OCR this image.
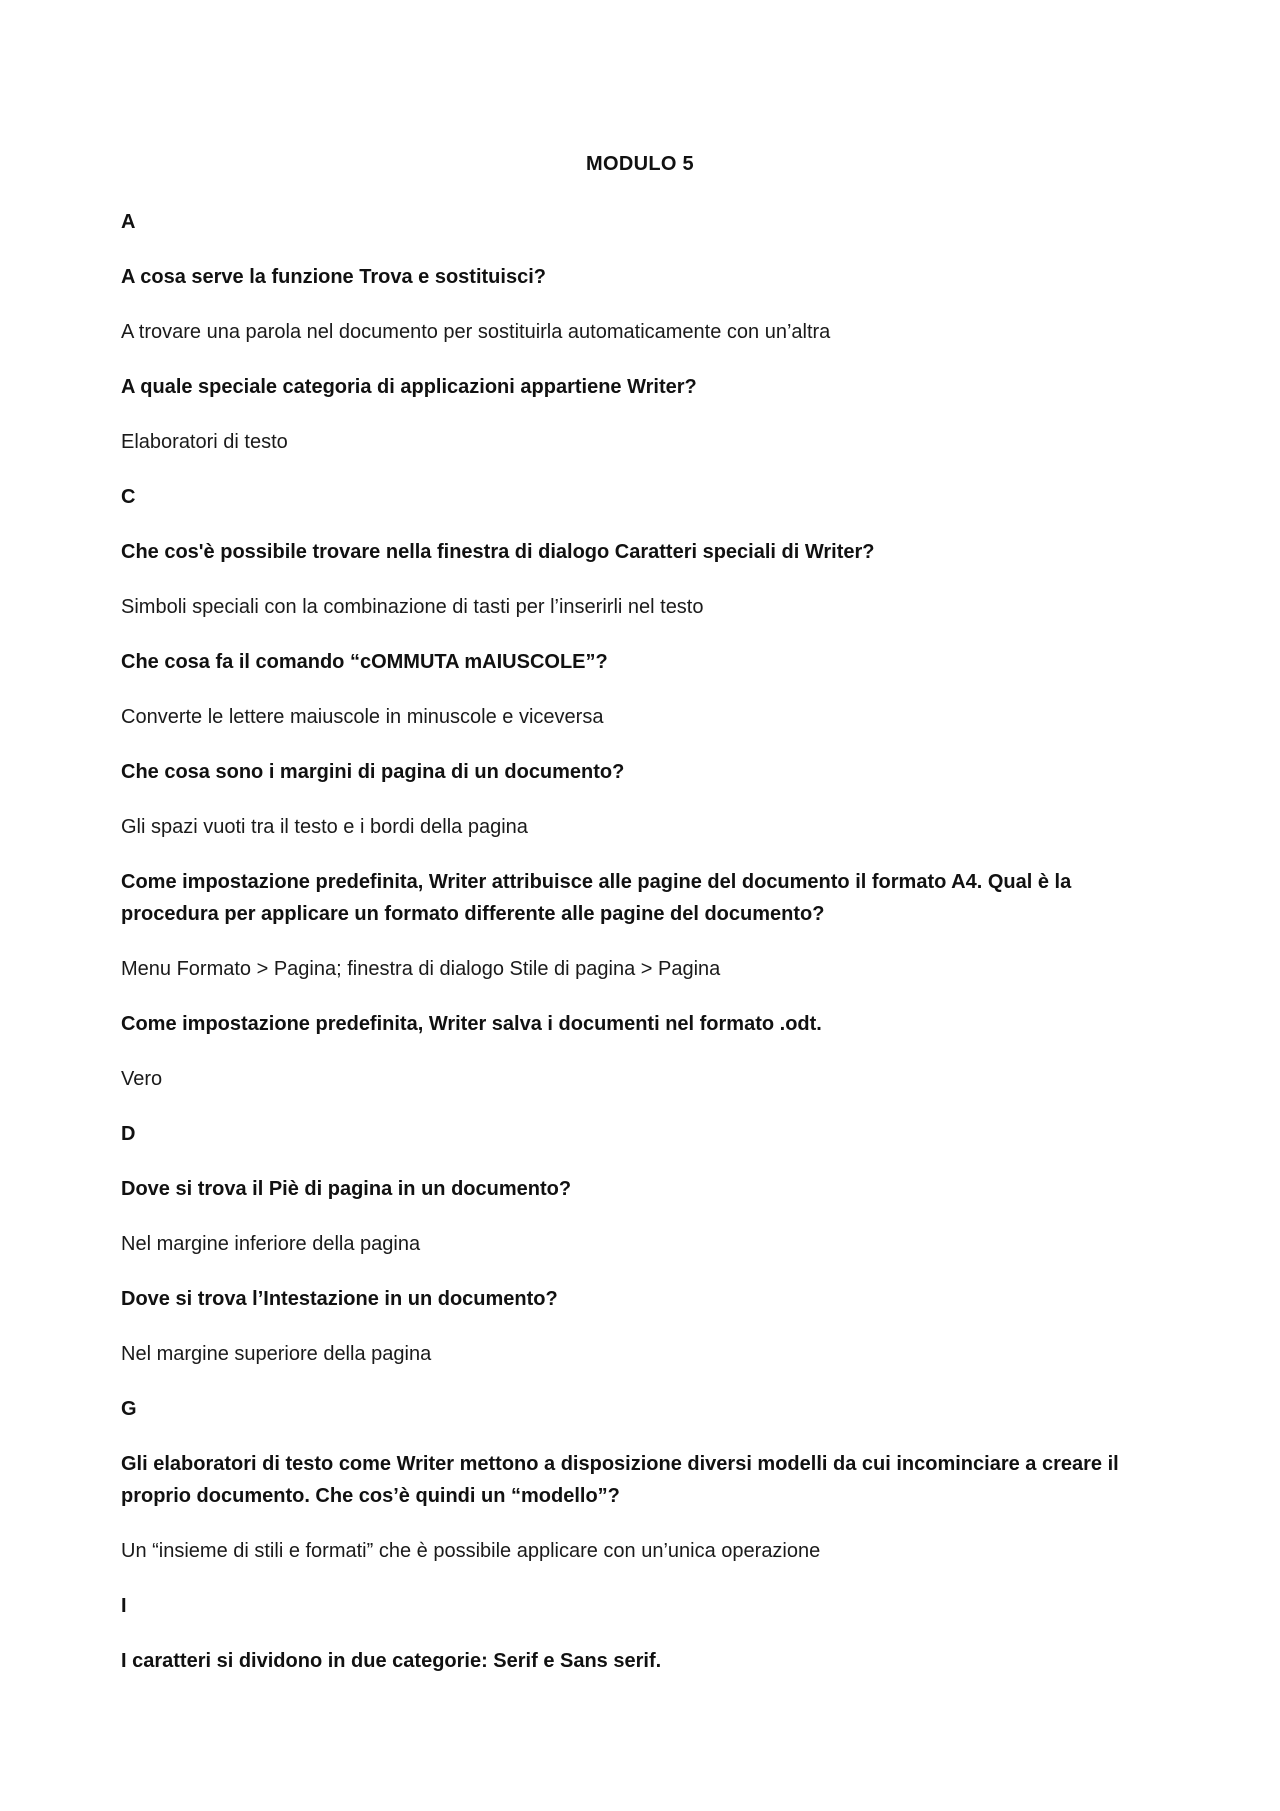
MODULO 5
A
A cosa serve la funzione Trova e sostituisci?
A trovare una parola nel documento per sostituirla automaticamente con un’altra
A quale speciale categoria di applicazioni appartiene Writer?
Elaboratori di testo
C
Che cos'è possibile trovare nella finestra di dialogo Caratteri speciali di Writer?
Simboli speciali con la combinazione di tasti per l’inserirli nel testo
Che cosa fa il comando “cOMMUTA mAIUSCOLE”?
Converte le lettere maiuscole in minuscole e viceversa
Che cosa sono i margini di pagina di un documento?
Gli spazi vuoti tra il testo e i bordi della pagina
Come impostazione predefinita, Writer attribuisce alle pagine del documento il formato A4. Qual è la procedura per applicare un formato differente alle pagine del documento?
Menu Formato > Pagina; finestra di dialogo Stile di pagina > Pagina
Come impostazione predefinita, Writer salva i documenti nel formato .odt.
Vero
D
Dove si trova il Piè di pagina in un documento?
Nel margine inferiore della pagina
Dove si trova l’Intestazione in un documento?
Nel margine superiore della pagina
G
Gli elaboratori di testo come Writer mettono a disposizione diversi modelli da cui incominciare a creare il proprio documento. Che cos’è quindi un “modello”?
Un “insieme di stili e formati” che è possibile applicare con un’unica operazione
I
I caratteri si dividono in due categorie: Serif e Sans serif.
